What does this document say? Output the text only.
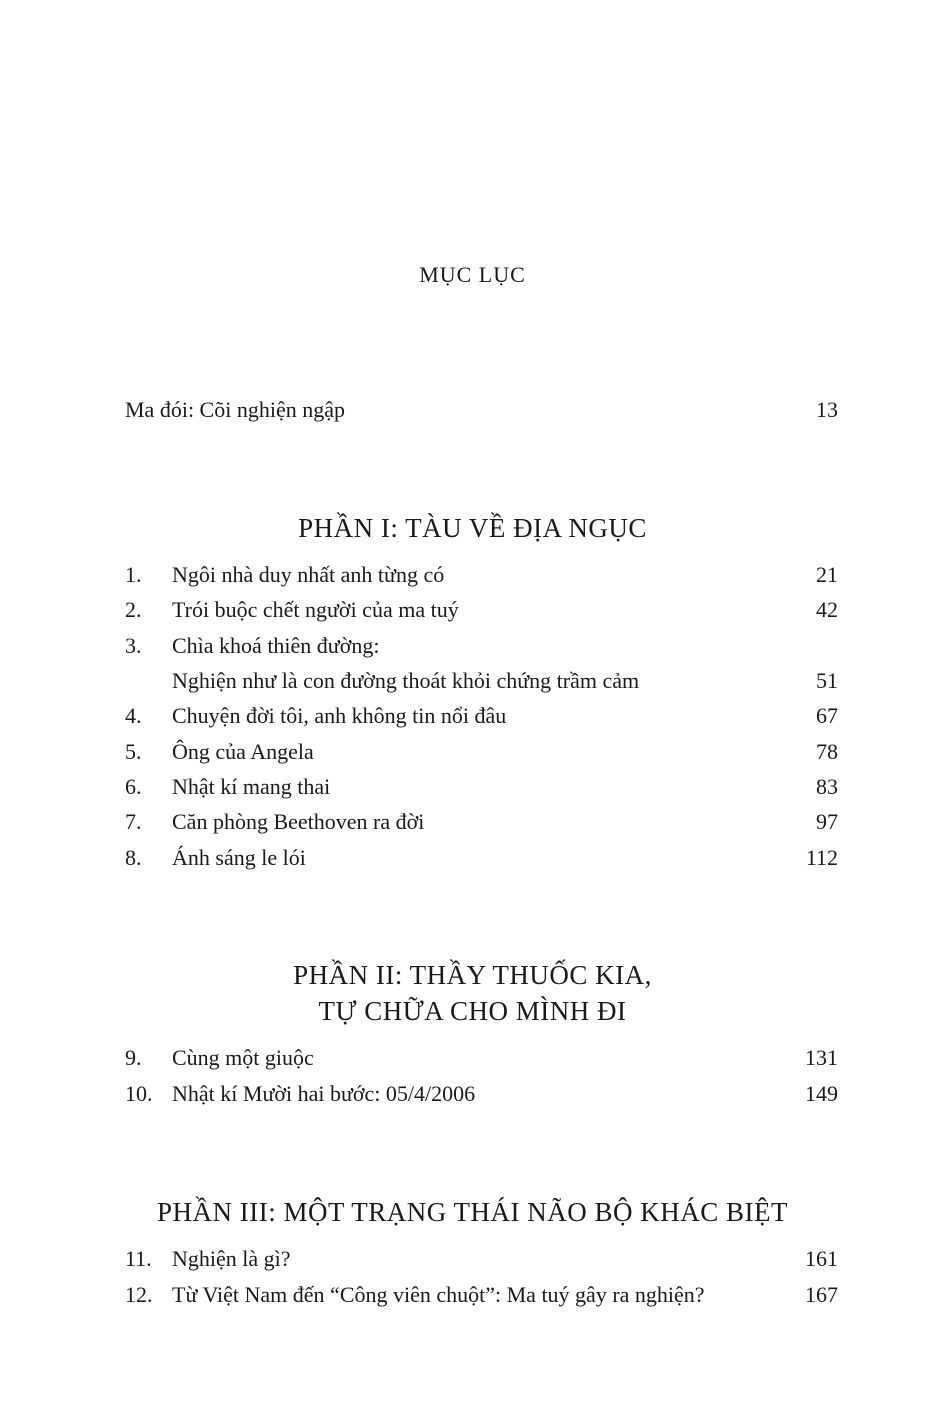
MỤC LỤC
Ma đói: Cõi nghiện ngập	13
PHẦN I: TÀU VỀ ĐỊA NGỤC
1. Ngôi nhà duy nhất anh từng có	21
2. Trói buộc chết người của ma tuý	42
3. Chìa khoá thiên đường:
Nghiện như là con đường thoát khỏi chứng trầm cảm	51
4. Chuyện đời tôi, anh không tin nổi đâu	67
5. Ông của Angela	78
6. Nhật kí mang thai	83
7. Căn phòng Beethoven ra đời	97
8. Ánh sáng le lói	112
PHẦN II: THẦY THUỐC KIA,
TỰ CHỮA CHO MÌNH ĐI
9. Cùng một giuộc	131
10. Nhật kí Mười hai bước: 05/4/2006	149
PHẦN III: MỘT TRẠNG THÁI NÃO BỘ KHÁC BIỆT
11. Nghiện là gì?	161
12. Từ Việt Nam đến “Công viên chuột”: Ma tuý gây ra nghiện?	167
